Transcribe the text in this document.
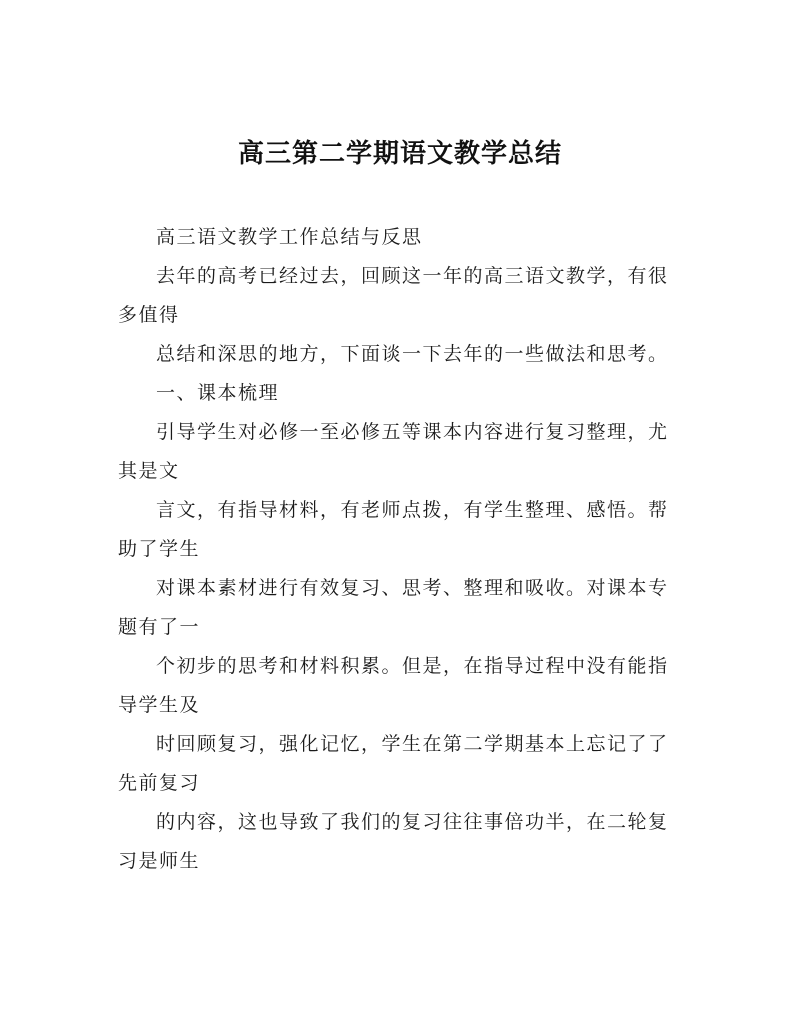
高三第二学期语文教学总结

高三语文教学工作总结与反思

去年的高考已经过去，回顾这一年的高三语文教学，有很多值得

总结和深思的地方，下面谈一下去年的一些做法和思考。

一、课本梳理

引导学生对必修一至必修五等课本内容进行复习整理，尤其是文

言文，有指导材料，有老师点拨，有学生整理、感悟。帮助了学生

对课本素材进行有效复习、思考、整理和吸收。对课本专题有了一

个初步的思考和材料积累。但是，在指导过程中没有能指导学生及

时回顾复习，强化记忆，学生在第二学期基本上忘记了了先前复习

的内容，这也导致了我们的复习往往事倍功半，在二轮复习是师生
